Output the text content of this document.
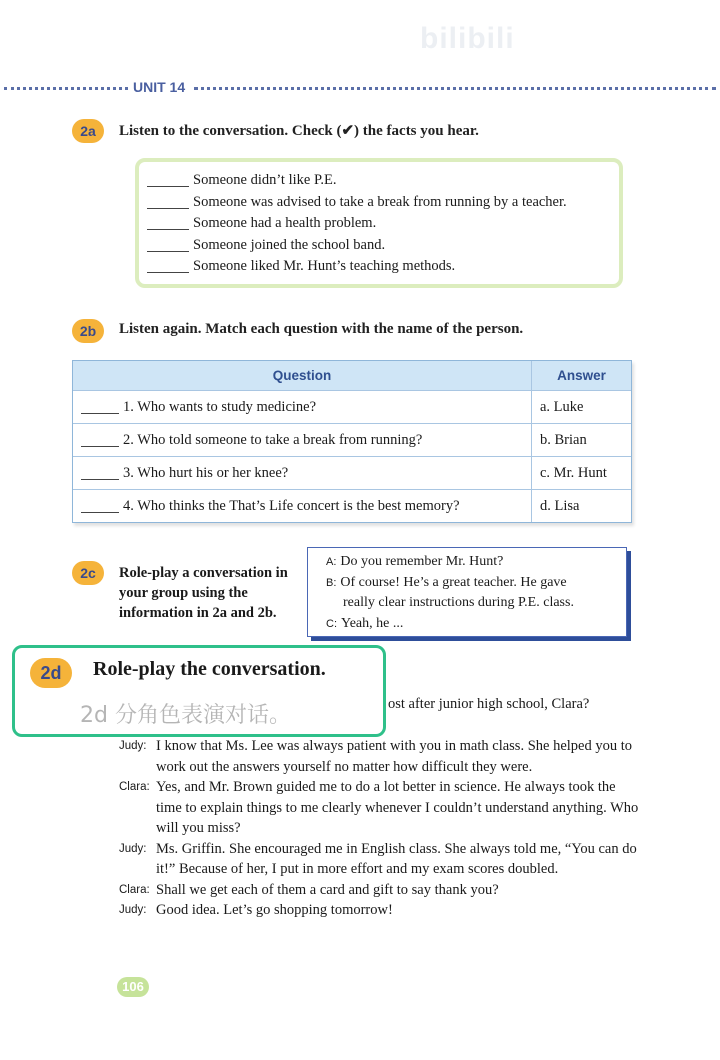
bilibili
UNIT 14
2a	Listen to the conversation. Check (✔) the facts you hear.
Someone didn’t like P.E.
Someone was advised to take a break from running by a teacher.
Someone had a health problem.
Someone joined the school band.
Someone liked Mr. Hunt’s teaching methods.
2b	Listen again. Match each question with the name of the person.
Question	Answer
1. Who wants to study medicine?	a. Luke
2. Who told someone to take a break from running?	b. Brian
3. Who hurt his or her knee?	c. Mr. Hunt
4. Who thinks the That’s Life concert is the best memory?	d. Lisa
2c	Role-play a conversation in your group using the information in 2a and 2b.
A: Do you remember Mr. Hunt?
B: Of course! He’s a great teacher. He gave
really clear instructions during P.E. class.
C: Yeah, he ...
ost after junior high school, Clara?
2d	Role-play the conversation.
2d 分角色表演对话。
Judy: I know that Ms. Lee was always patient with you in math class. She helped you to work out the answers yourself no matter how difficult they were.
Clara: Yes, and Mr. Brown guided me to do a lot better in science. He always took the time to explain things to me clearly whenever I couldn’t understand anything. Who will you miss?
Judy: Ms. Griffin. She encouraged me in English class. She always told me, “You can do it!” Because of her, I put in more effort and my exam scores doubled.
Clara: Shall we get each of them a card and gift to say thank you?
Judy: Good idea. Let’s go shopping tomorrow!
106
